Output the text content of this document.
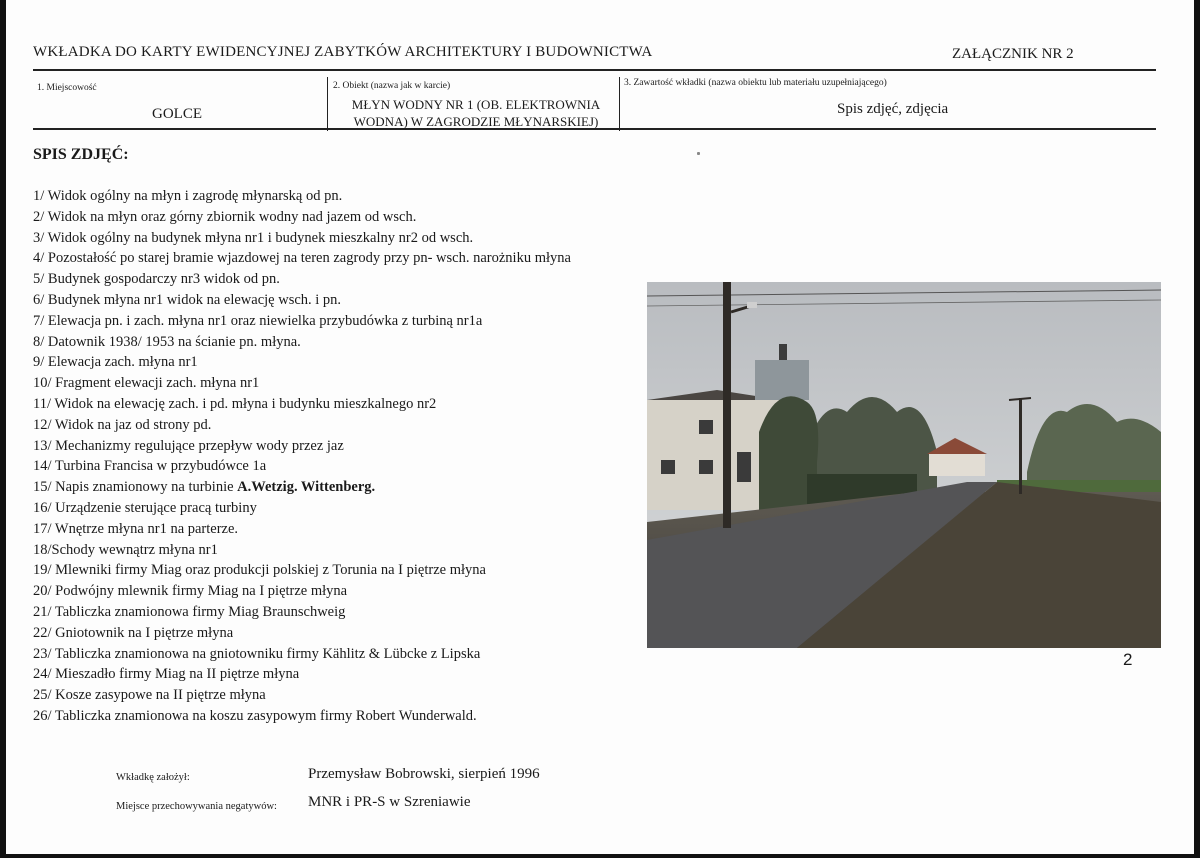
WKŁADKA DO KARTY EWIDENCYJNEJ ZABYTKÓW ARCHITEKTURY I BUDOWNICTWA	ZAŁĄCZNIK NR 2
1. Miejscowość
GOLCE
2. Obiekt (nazwa jak w karcie)
MŁYN WODNY NR 1 (OB. ELEKTROWNIA WODNA) W ZAGRODZIE MŁYNARSKIEJ)
3. Zawartość wkładki (nazwa obiektu lub materiału uzupełniającego)
Spis zdjęć, zdjęcia
SPIS ZDJĘĆ:
1/ Widok ogólny na młyn i zagrodę młynarską od pn.
2/ Widok na młyn oraz górny zbiornik wodny nad jazem od wsch.
3/ Widok ogólny na budynek młyna nr1 i budynek mieszkalny nr2 od wsch.
4/ Pozostałość po starej bramie wjazdowej na teren zagrody przy pn- wsch. narożniku młyna
5/ Budynek gospodarczy nr3 widok od pn.
6/ Budynek młyna nr1 widok na elewację wsch. i pn.
7/ Elewacja pn. i zach. młyna nr1 oraz niewielka przybudówka z turbiną nr1a
8/ Datownik 1938/ 1953 na ścianie pn. młyna.
9/ Elewacja zach. młyna nr1
10/ Fragment elewacji zach. młyna nr1
11/ Widok na elewację zach. i pd. młyna i budynku mieszkalnego nr2
12/ Widok na jaz od strony pd.
13/ Mechanizmy regulujące przepływ wody przez jaz
14/ Turbina Francisa w przybudówce 1a
15/ Napis znamionowy na turbinie A.Wetzig. Wittenberg.
16/ Urządzenie sterujące pracą turbiny
17/ Wnętrze młyna nr1 na parterze.
18/Schody wewnątrz młyna nr1
19/ Mlewniki firmy Miag oraz produkcji polskiej z Torunia na I piętrze młyna
20/ Podwójny mlewnik firmy Miag na I piętrze młyna
21/ Tabliczka znamionowa firmy Miag Braunschweig
22/ Gniotownik na I piętrze młyna
23/ Tabliczka znamionowa na gniotowniku firmy Kählitz & Lübcke z Lipska
24/ Mieszadło firmy Miag na II piętrze młyna
25/ Kosze zasypowe na II piętrze młyna
26/ Tabliczka znamionowa na koszu zasypowym firmy Robert Wunderwald.
2
Wkładkę założył:	Przemysław Bobrowski, sierpień 1996
Miejsce przechowywania negatywów: MNR i PR-S w Szreniawie
